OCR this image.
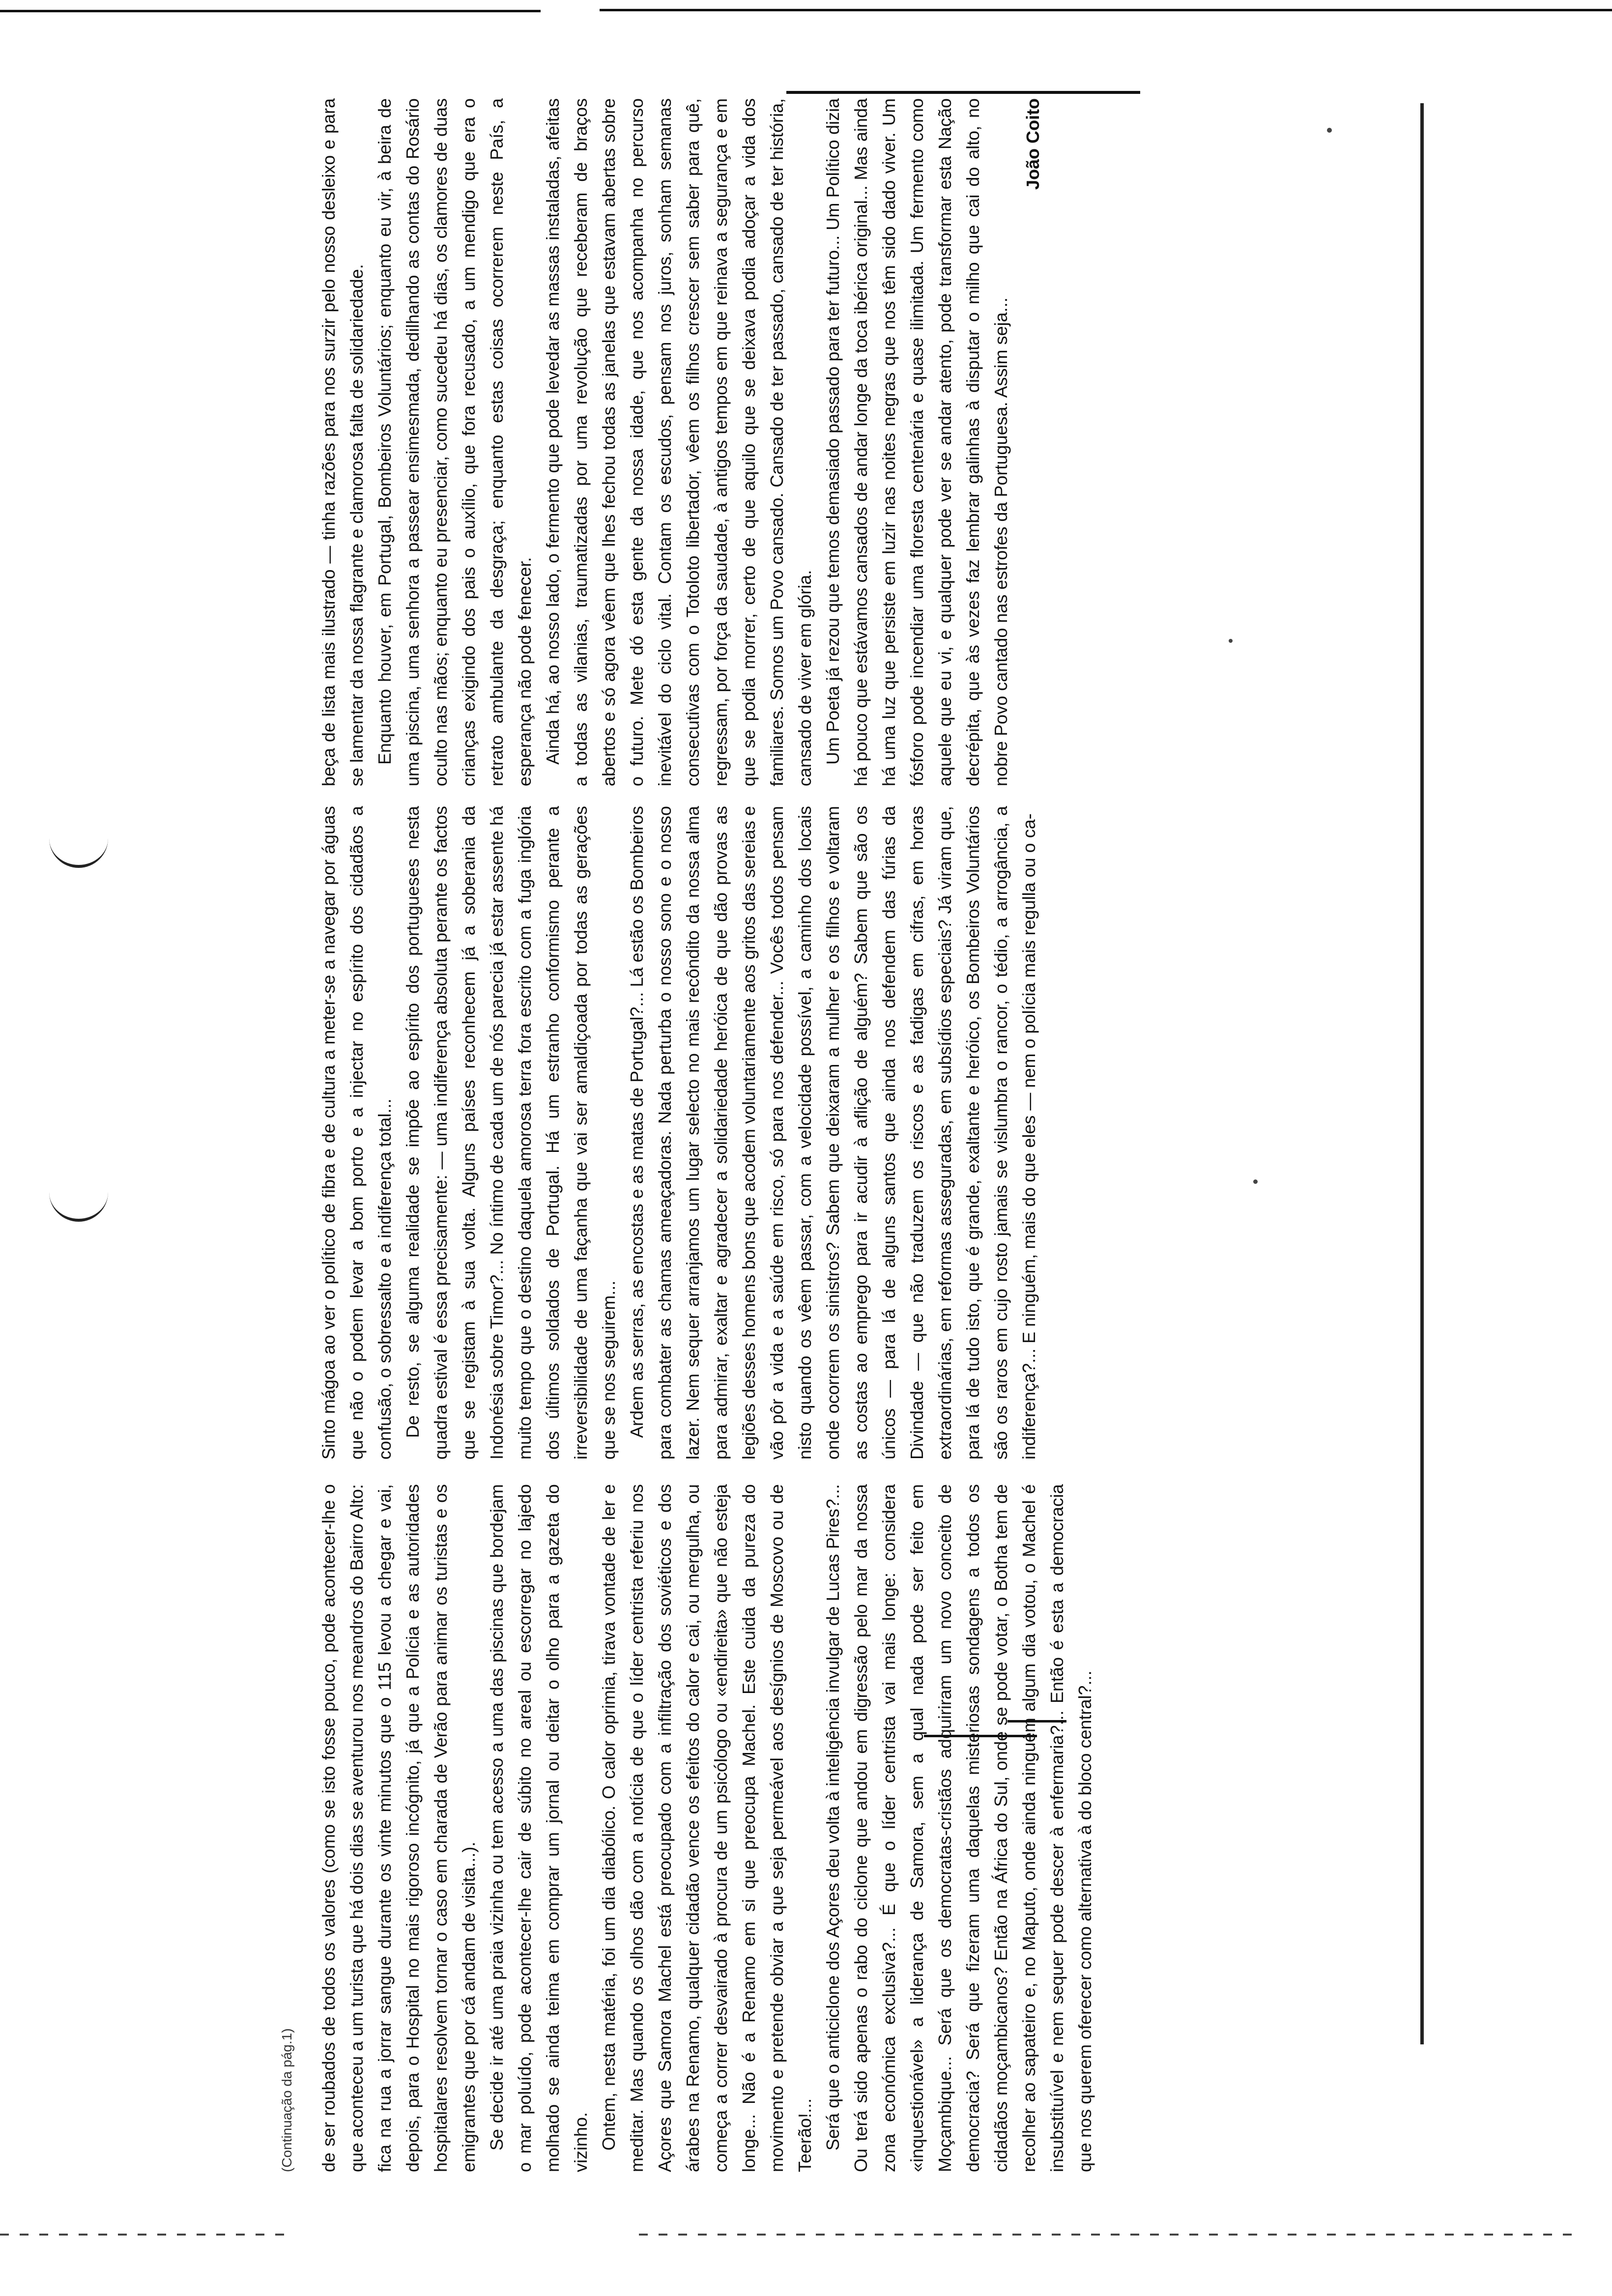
(Continuação da pág.1) de ser roubados de todos os valores (como se isto fosse pouco, pode acontecer-lhe o que aconteceu a um turista que há dois dias se aventurou nos meandros do Bairro Alto: fica na rua a jorrar sangue durante os vinte minutos que o 115 levou a chegar e vai, depois, para o Hospital no mais rigoroso incógnito, já que a Polícia e as autoridades hospitalares resolvem tornar o caso em charada de Verão para animar os turistas e os emigrantes que por cá andam de visita...). Se decide ir até uma praia vizinha ou tem acesso a uma das piscinas que bordejam o mar poluído, pode acontecer-lhe cair de súbito no areal ou escorregar no lajedo molhado se ainda teima em comprar um jornal ou deitar o olho para a gazeta do vizinho. Ontem, nesta matéria, foi um dia diabólico. O calor oprimia, tirava vontade de ler e meditar. Mas quando os olhos dão com a notícia de que o líder centrista referiu nos Açores que Samora Machel está preocupado com a infiltração dos soviéticos e dos árabes na Renamo, qualquer cidadão vence os efeitos do calor e cai, ou mergulha, ou começa a correr desvairado à procura de um psicólogo ou «endireita» que não esteja longe... Não é a Renamo em si que preocupa Machel. Este cuida da pureza do movimento e pretende obviar a que seja permeável aos desígnios de Moscovo ou de Teerão!... Será que o anticiclone dos Açores deu volta à inteligência invulgar de Lucas Pires?... Ou terá sido apenas o rabo do ciclone que andou em digressão pelo mar da nossa zona económica exclusiva?... É que o líder centrista vai mais longe: considera «inquestionável» a liderança de Samora, sem a qual nada pode ser feito em Moçambique... Será que os democratas-cristãos adquiriram um novo conceito de democracia? Será que fizeram uma daquelas misteriosas sondagens a todos os cidadãos moçambicanos? Então na África do Sul, onde se pode votar, o Botha tem de recolher ao sapateiro e, no Maputo, onde ainda ninguém algum dia votou, o Machel é insubstituível e nem sequer pode descer à enfermaria?... Então é esta a democracia que nos querem oferecer como alternativa à do bloco central?...

Sinto mágoa ao ver o político de fibra e de cultura a meter-se a navegar por águas que não o podem levar a bom porto e a injectar no espírito dos cidadãos a confusão, o sobressalto e a indiferença total... De resto, se alguma realidade se impõe ao espírito dos portugueses nesta quadra estival é essa precisamente: — uma indiferença absoluta perante os factos que se registam à sua volta. Alguns países reconhecem já a soberania da Indonésia sobre Timor?... No íntimo de cada um de nós parecia já estar assente há muito tempo que o destino daquela amorosa terra fora escrito com a fuga inglória dos últimos soldados de Portugal. Há um estranho conformismo perante a irreversibilidade de uma façanha que vai ser amaldiçoada por todas as gerações que se nos seguirem... Ardem as serras, as encostas e as matas de Portugal?... Lá estão os Bombeiros para combater as chamas ameaçadoras. Nada perturba o nosso sono e o nosso lazer. Nem sequer arranjamos um lugar selecto no mais recôndito da nossa alma para admirar, exaltar e agradecer a solidariedade heróica de que dão provas as legiões desses homens bons que acodem voluntariamente aos gritos das sereias e vão pôr a vida e a saúde em risco, só para nos defender... Vocês todos pensam nisto quando os vêem passar, com a velocidade possível, a caminho dos locais onde ocorrem os sinistros? Sabem que deixaram a mulher e os filhos e voltaram as costas ao emprego para ir acudir à aflição de alguém? Sabem que são os únicos — para lá de alguns santos que ainda nos defendem das fúrias da Divindade — que não traduzem os riscos e as fadigas em cifras, em horas extraordinárias, em reformas asseguradas, em subsídios especiais? Já viram que, para lá de tudo isto, que é grande, exaltante e heróico, os Bombeiros Voluntários são os raros em cujo rosto jamais se vislumbra o rancor, o tédio, a arrogância, a indiferença?... E ninguém, mais do que eles — nem o polícia mais regulla ou o ca-

beça de lista mais ilustrado — tinha razões para nos surzir pelo nosso desleixo e para se lamentar da nossa flagrante e clamorosa falta de solidariedade. Enquanto houver, em Portugal, Bombeiros Voluntários; enquanto eu vir, à beira de uma piscina, uma senhora a passear ensimesmada, dedilhando as contas do Rosário oculto nas mãos; enquanto eu presenciar, como sucedeu há dias, os clamores de duas crianças exigindo dos pais o auxílio, que fora recusado, a um mendigo que era o retrato ambulante da desgraça; enquanto estas coisas ocorrerem neste País, a esperança não pode fenecer. Ainda há, ao nosso lado, o fermento que pode levedar as massas instaladas, afeitas a todas as vilanias, traumatizadas por uma revolução que receberam de braços abertos e só agora vêem que lhes fechou todas as janelas que estavam abertas sobre o futuro. Mete dó esta gente da nossa idade, que nos acompanha no percurso inevitável do ciclo vital. Contam os escudos, pensam nos juros, sonham semanas consecutivas com o Totoloto libertador, vêem os filhos crescer sem saber para quê, regressam, por força da saudade, à antigos tempos em que reinava a segurança e em que se podia morrer, certo de que aquilo que se deixava podia adoçar a vida dos familiares. Somos um Povo cansado. Cansado de ter passado, cansado de ter história, cansado de viver em glória. Um Poeta já rezou que temos demasiado passado para ter futuro... Um Político dizia há pouco que estávamos cansados de andar longe da toca ibérica original... Mas ainda há uma luz que persiste em luzir nas noites negras que nos têm sido dado viver. Um fósforo pode incendiar uma floresta centenária e quase ilimitada. Um fermento como aquele que eu vi, e qualquer pode ver se andar atento, pode transformar esta Nação decrépita, que às vezes faz lembrar galinhas à disputar o milho que cai do alto, no nobre Povo cantado nas estrofes da Portuguesa. Assim seja...

João Coito
